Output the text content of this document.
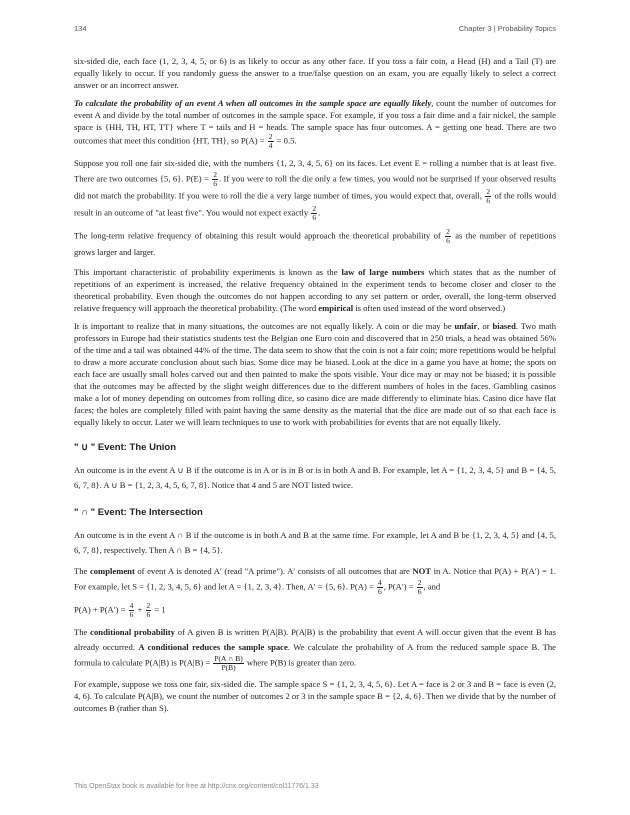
134	Chapter 3 | Probability Topics

six-sided die, each face (1, 2, 3, 4, 5, or 6) is as likely to occur as any other face. If you toss a fair coin, a Head (H) and a Tail (T) are equally likely to occur. If you randomly guess the answer to a true/false question on an exam, you are equally likely to select a correct answer or an incorrect answer.

To calculate the probability of an event A when all outcomes in the sample space are equally likely, count the number of outcomes for event A and divide by the total number of outcomes in the sample space. For example, if you toss a fair dime and a fair nickel, the sample space is {HH, TH, HT, TT} where T = tails and H = heads. The sample space has four outcomes. A = getting one head. There are two outcomes that meet this condition {HT, TH}, so $P(A) = \frac{2}{4} = 0.5$.

Suppose you roll one fair six-sided die, with the numbers {1, 2, 3, 4, 5, 6} on its faces. Let event E = rolling a number that is at least five. There are two outcomes {5, 6}. $P(E) = \frac{2}{6}$ . If you were to roll the die only a few times, you would not be surprised if your observed results did not match the probability. If you were to roll the die a very large number of times, you would expect that, overall, $\frac{2}{6}$ of the rolls would result in an outcome of "at least five". You would not expect exactly $\frac{2}{6}$ .

The long-term relative frequency of obtaining this result would approach the theoretical probability of $\frac{2}{6}$ as the number of repetitions grows larger and larger.

This important characteristic of probability experiments is known as the law of large numbers which states that as the number of repetitions of an experiment is increased, the relative frequency obtained in the experiment tends to become closer and closer to the theoretical probability. Even though the outcomes do not happen according to any set pattern or order, overall, the long-term observed relative frequency will approach the theoretical probability. (The word empirical is often used instead of the word observed.)

It is important to realize that in many situations, the outcomes are not equally likely. A coin or die may be unfair, or biased. Two math professors in Europe had their statistics students test the Belgian one Euro coin and discovered that in 250 trials, a head was obtained 56% of the time and a tail was obtained 44% of the time. The data seem to show that the coin is not a fair coin; more repetitions would be helpful to draw a more accurate conclusion about such bias. Some dice may be biased. Look at the dice in a game you have at home; the spots on each face are usually small holes carved out and then painted to make the spots visible. Your dice may or may not be biased; it is possible that the outcomes may be affected by the slight weight differences due to the different numbers of holes in the faces. Gambling casinos make a lot of money depending on outcomes from rolling dice, so casino dice are made differently to eliminate bias. Casino dice have flat faces; the holes are completely filled with paint having the same density as the material that the dice are made out of so that each face is equally likely to occur. Later we will learn techniques to use to work with probabilities for events that are not equally likely.

" ∪ " Event: The Union

An outcome is in the event A ∪ B if the outcome is in A or is in B or is in both A and B. For example, let A = {1, 2, 3, 4, 5} and B = {4, 5, 6, 7, 8}. A ∪ B = {1, 2, 3, 4, 5, 6, 7, 8}. Notice that 4 and 5 are NOT listed twice.

" ∩ " Event: The Intersection

An outcome is in the event A ∩ B if the outcome is in both A and B at the same time. For example, let A and B be {1, 2, 3, 4, 5} and {4, 5, 6, 7, 8}, respectively. Then A ∩ B = {4, 5}.

The complement of event A is denoted A′ (read "A prime"). A′ consists of all outcomes that are NOT in A. Notice that P(A) + P(A′) = 1. For example, let S = {1, 2, 3, 4, 5, 6} and let A = {1, 2, 3, 4}. Then, A′ = {5, 6}. $P(A) = \frac{4}{6}$ , $P(A') = \frac{2}{6}$ , and

$P(A) + P(A') = \frac{4}{6} + \frac{2}{6} = 1$

The conditional probability of A given B is written P(A|B). P(A|B) is the probability that event A will occur given that the event B has already occurred. A conditional reduces the sample space. We calculate the probability of A from the reduced sample space B. The formula to calculate P(A|B) is $P(A|B) = \frac{P(A \cap B)}{P(B)}$ where P(B) is greater than zero.

For example, suppose we toss one fair, six-sided die. The sample space S = {1, 2, 3, 4, 5, 6}. Let A = face is 2 or 3 and B = face is even (2, 4, 6). To calculate P(A|B), we count the number of outcomes 2 or 3 in the sample space B = {2, 4, 6}. Then we divide that by the number of outcomes B (rather than S).

This OpenStax book is available for free at http://cnx.org/content/col11776/1.33
